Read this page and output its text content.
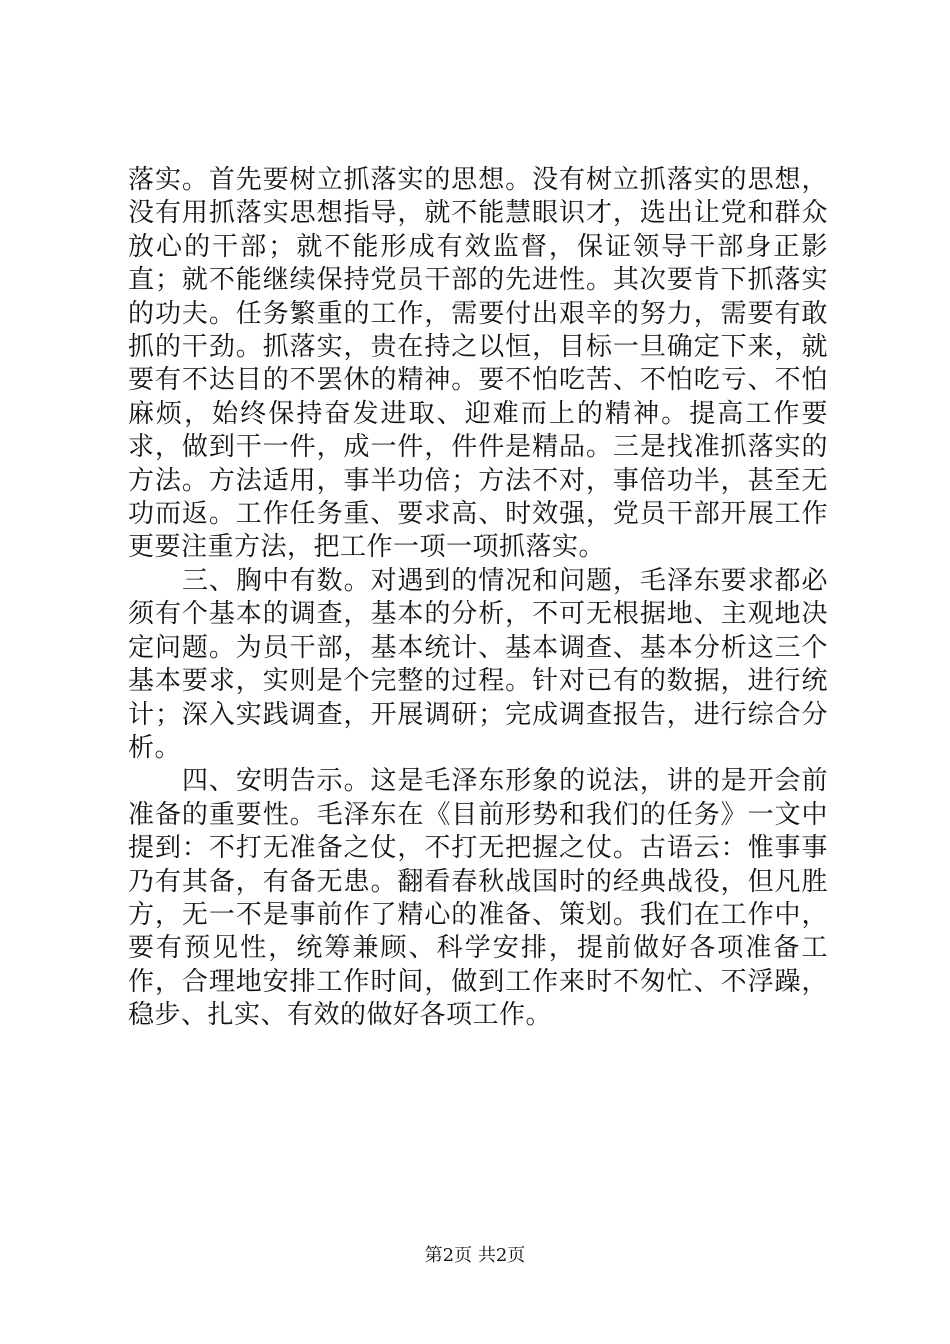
落实。首先要树立抓落实的思想。没有树立抓落实的思想，没有用抓落实思想指导，就不能慧眼识才，选出让党和群众放心的干部；就不能形成有效监督，保证领导干部身正影直；就不能继续保持党员干部的先进性。其次要肯下抓落实的功夫。任务繁重的工作，需要付出艰辛的努力，需要有敢抓的干劲。抓落实，贵在持之以恒，目标一旦确定下来，就要有不达目的不罢休的精神。要不怕吃苦、不怕吃亏、不怕麻烦，始终保持奋发进取、迎难而上的精神。提高工作要求，做到干一件，成一件，件件是精品。三是找准抓落实的方法。方法适用，事半功倍；方法不对，事倍功半，甚至无功而返。工作任务重、要求高、时效强，党员干部开展工作更要注重方法，把工作一项一项抓落实。

三、胸中有数。对遇到的情况和问题，毛泽东要求都必须有个基本的调查，基本的分析，不可无根据地、主观地决定问题。为员干部，基本统计、基本调查、基本分析这三个基本要求，实则是个完整的过程。针对已有的数据，进行统计；深入实践调查，开展调研；完成调查报告，进行综合分析。

四、安明告示。这是毛泽东形象的说法，讲的是开会前准备的重要性。毛泽东在《目前形势和我们的任务》一文中提到：不打无准备之仗，不打无把握之仗。古语云：惟事事乃有其备，有备无患。翻看春秋战国时的经典战役，但凡胜方，无一不是事前作了精心的准备、策划。我们在工作中，要有预见性，统筹兼顾、科学安排，提前做好各项准备工作，合理地安排工作时间，做到工作来时不匆忙、不浮躁，稳步、扎实、有效的做好各项工作。

第2页 共2页
